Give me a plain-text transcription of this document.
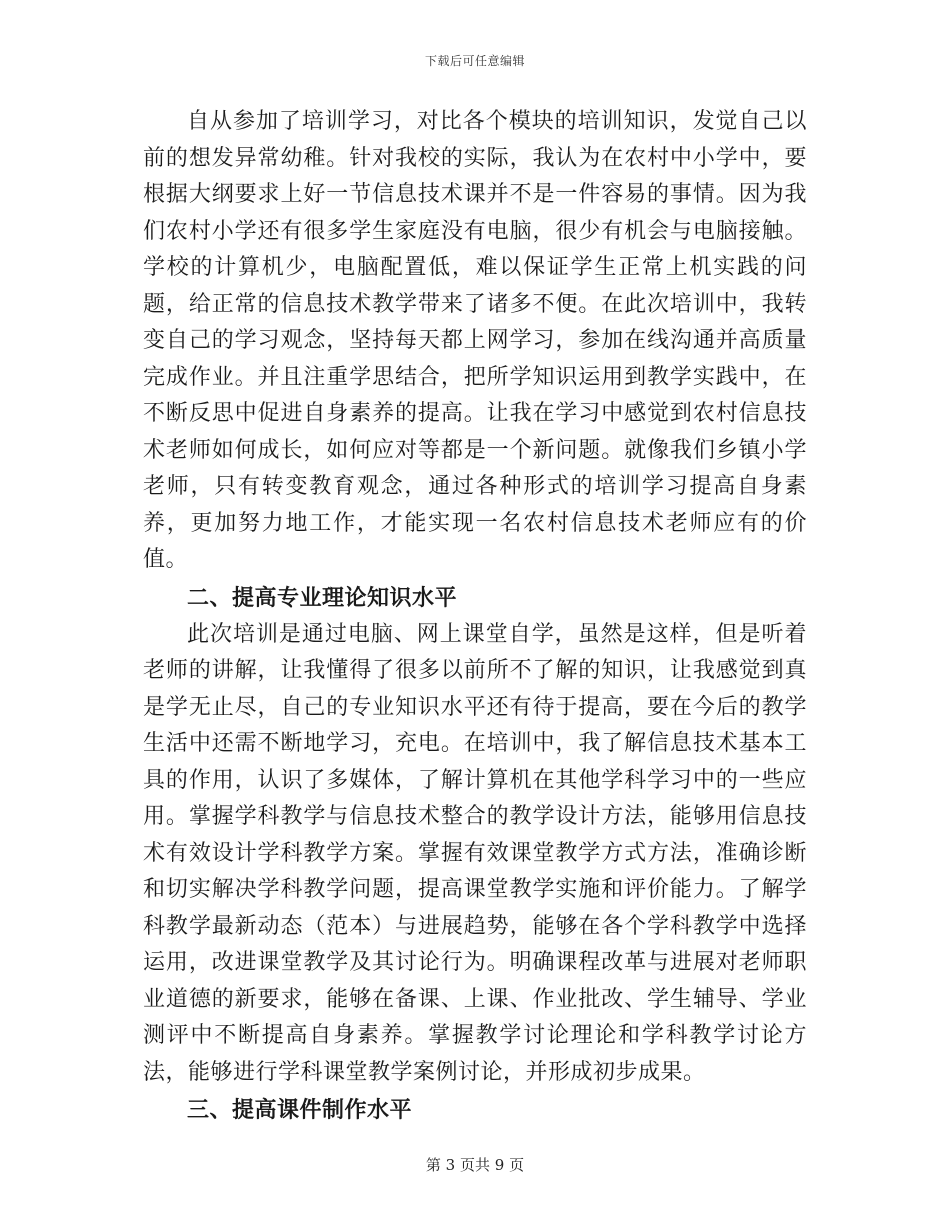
下载后可任意编辑

自从参加了培训学习，对比各个模块的培训知识，发觉自己以前的想发异常幼稚。针对我校的实际，我认为在农村中小学中，要根据大纲要求上好一节信息技术课并不是一件容易的事情。因为我们农村小学还有很多学生家庭没有电脑，很少有机会与电脑接触。学校的计算机少，电脑配置低，难以保证学生正常上机实践的问题，给正常的信息技术教学带来了诸多不便。在此次培训中，我转变自己的学习观念，坚持每天都上网学习，参加在线沟通并高质量完成作业。并且注重学思结合，把所学知识运用到教学实践中，在不断反思中促进自身素养的提高。让我在学习中感觉到农村信息技术老师如何成长，如何应对等都是一个新问题。就像我们乡镇小学老师，只有转变教育观念，通过各种形式的培训学习提高自身素养，更加努力地工作，才能实现一名农村信息技术老师应有的价值。

二、提高专业理论知识水平

此次培训是通过电脑、网上课堂自学，虽然是这样，但是听着老师的讲解，让我懂得了很多以前所不了解的知识，让我感觉到真是学无止尽，自己的专业知识水平还有待于提高，要在今后的教学生活中还需不断地学习，充电。在培训中，我了解信息技术基本工具的作用，认识了多媒体，了解计算机在其他学科学习中的一些应用。掌握学科教学与信息技术整合的教学设计方法，能够用信息技术有效设计学科教学方案。掌握有效课堂教学方式方法，准确诊断和切实解决学科教学问题，提高课堂教学实施和评价能力。了解学科教学最新动态（范本）与进展趋势，能够在各个学科教学中选择运用，改进课堂教学及其讨论行为。明确课程改革与进展对老师职业道德的新要求，能够在备课、上课、作业批改、学生辅导、学业测评中不断提高自身素养。掌握教学讨论理论和学科教学讨论方法，能够进行学科课堂教学案例讨论，并形成初步成果。

三、提高课件制作水平

第 3 页共 9 页
